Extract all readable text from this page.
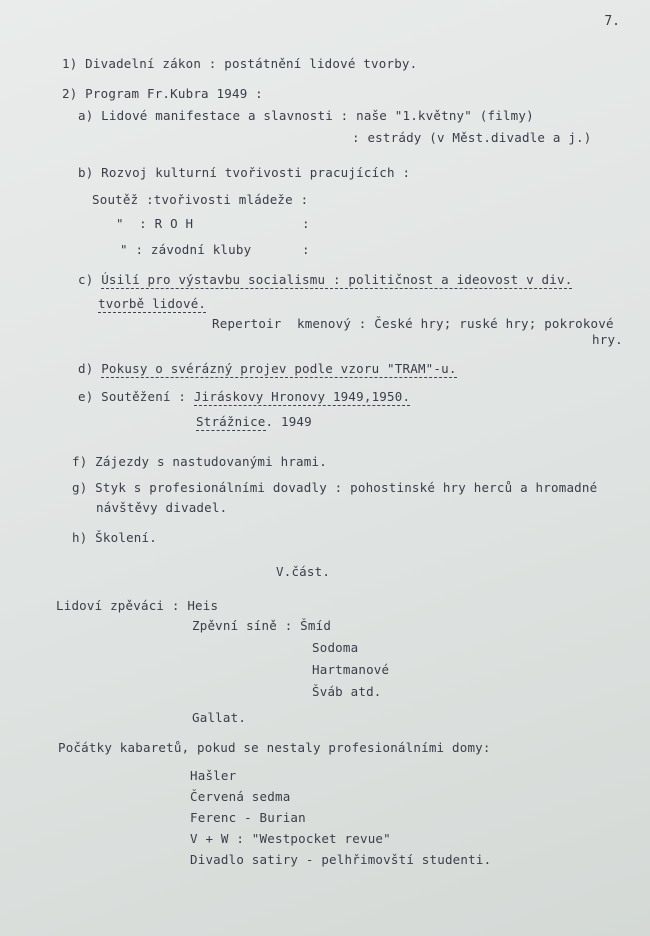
7.
1) Divadelní zákon : postátnění lidové tvorby.
2) Program Fr.Kubra 1949 :
a) Lidové manifestace a slavnosti : naše "1.květny" (filmy)
: estrády (v Měst.divadle a j.)
b) Rozvoj kulturní tvořivosti pracujících :
Soutěž :tvořivosti mládeže :
"  : R O H	:
" : závodní kluby	:
c) Úsilí pro výstavbu socialismu : političnost a ideovost v div.
tvorbě lidové.
Repertoir  kmenový : České hry; ruské hry; pokrokové
hry.
d) Pokusy o svérázný projev podle vzoru "TRAM"-u.
e) Soutěžení : Jiráskovy Hronovy 1949,1950.
Strážnice. 1949
f) Zájezdy s nastudovanými hrami.
g) Styk s profesionálními dovadly : pohostinské hry herců a hromadné
návštěvy divadel.
h) Školení.
V.část.
Lidoví zpěváci : Heis
Zpěvní síně : Šmíd
Sodoma
Hartmanové
Šváb atd.
Gallat.
Počátky kabaretů, pokud se nestaly profesionálními domy:
Hašler
Červená sedma
Ferenc - Burian
V + W : "Westpocket revue"
Divadlo satiry - pelhřimovští studenti.
